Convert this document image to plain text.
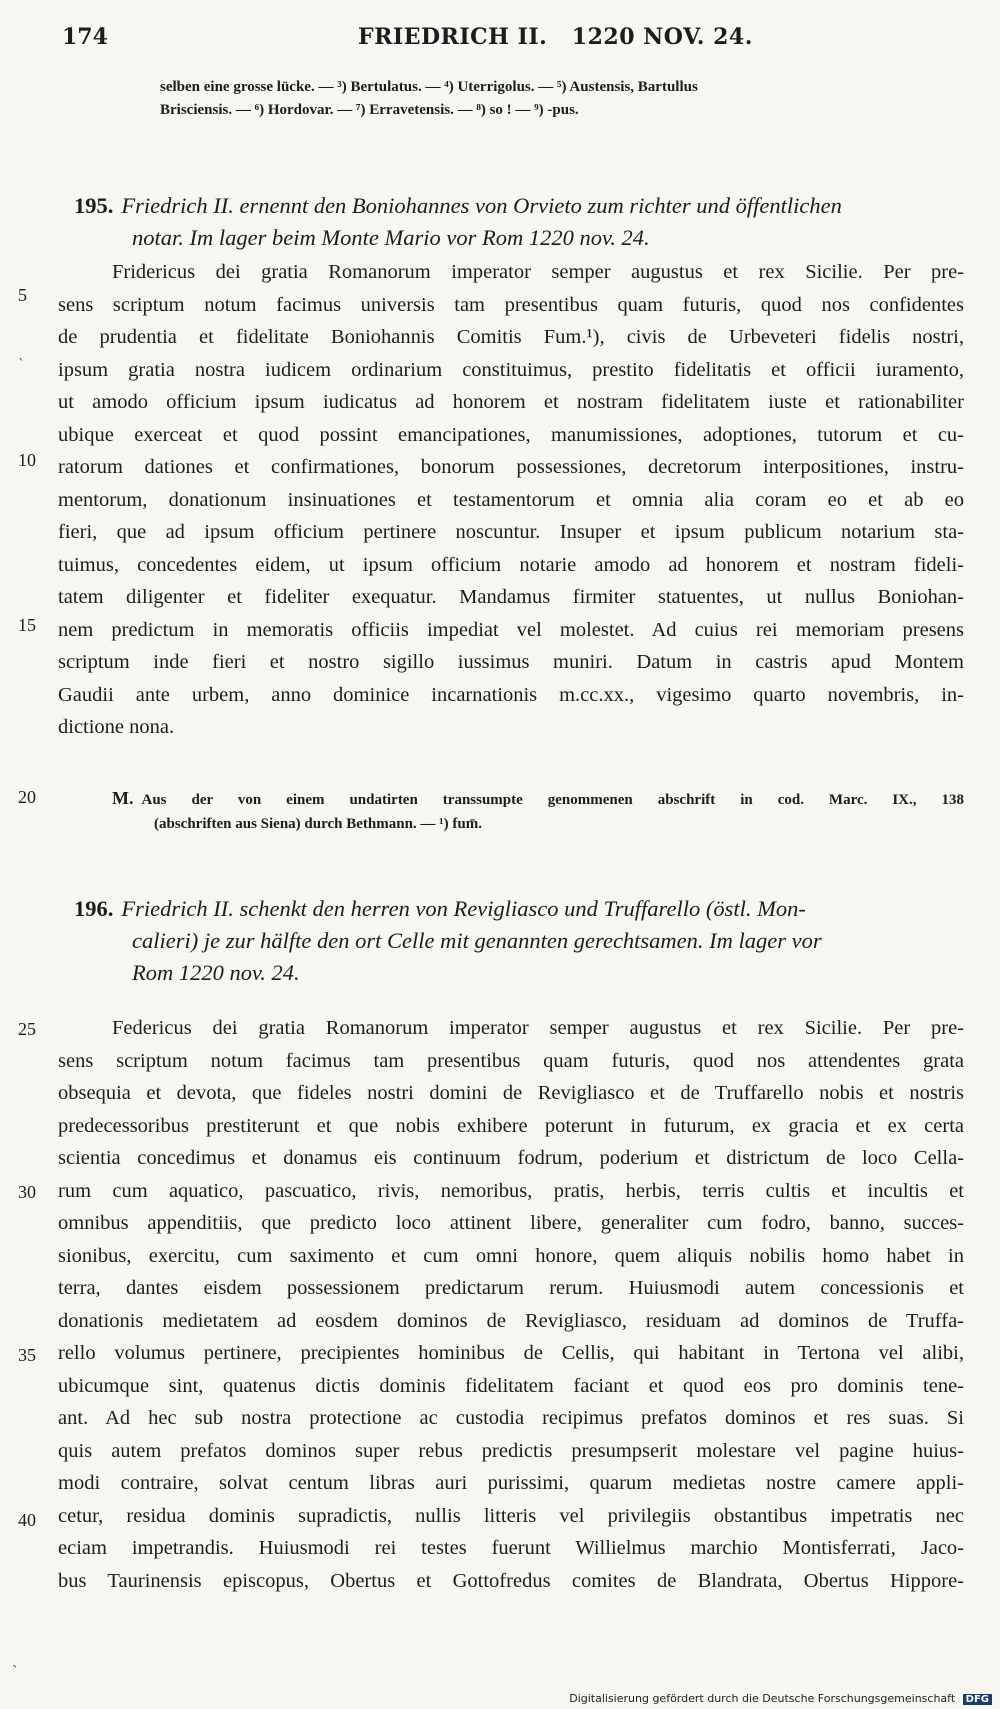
174	FRIEDRICH II.   1220 NOV. 24.
selben eine grosse lücke. — ³) Bertulatus. — ⁴) Uterrigolus. — ⁵) Austensis, Bartullus
Brisciensis. — ⁶) Hordovar. — ⁷) Erravetensis. — ⁸) so ! — ⁹) -pus.
195. Friedrich II. ernennt den Boniohannes von Orvieto zum richter und öffentlichen
notar. Im lager beim Monte Mario vor Rom 1220 nov. 24.
Fridericus dei gratia Romanorum imperator semper augustus et rex Sicilie. Per pre-
sens scriptum notum facimus universis tam presentibus quam futuris, quod nos confidentes
de prudentia et fidelitate Boniohannis Comitis Fum.¹), civis de Urbeveteri fidelis nostri,
ipsum gratia nostra iudicem ordinarium constituimus, prestito fidelitatis et officii iuramento,
ut amodo officium ipsum iudicatus ad honorem et nostram fidelitatem iuste et rationabiliter
ubique exerceat et quod possint emancipationes, manumissiones, adoptiones, tutorum et cu-
ratorum dationes et confirmationes, bonorum possessiones, decretorum interpositiones, instru-
mentorum, donationum insinuationes et testamentorum et omnia alia coram eo et ab eo
fieri, que ad ipsum officium pertinere noscuntur. Insuper et ipsum publicum notarium sta-
tuimus, concedentes eidem, ut ipsum officium notarie amodo ad honorem et nostram fideli-
tatem diligenter et fideliter exequatur. Mandamus firmiter statuentes, ut nullus Boniohan-
nem predictum in memoratis officiis impediat vel molestet. Ad cuius rei memoriam presens
scriptum inde fieri et nostro sigillo iussimus muniri. Datum in castris apud Montem
Gaudii ante urbem, anno dominice incarnationis m.cc.xx., vigesimo quarto novembris, in-
dictione nona.
M. Aus der von einem undatirten transsumpte genommenen abschrift in cod. Marc. IX., 138
(abschriften aus Siena) durch Bethmann. — ¹) fum̄.
196. Friedrich II. schenkt den herren von Revigliasco und Truffarello (östl. Mon-
calieri) je zur hälfte den ort Celle mit genannten gerechtsamen. Im lager vor
Rom 1220 nov. 24.
Federicus dei gratia Romanorum imperator semper augustus et rex Sicilie. Per pre-
sens scriptum notum facimus tam presentibus quam futuris, quod nos attendentes grata
obsequia et devota, que fideles nostri domini de Revigliasco et de Truffarello nobis et nostris
predecessoribus prestiterunt et que nobis exhibere poterunt in futurum, ex gracia et ex certa
scientia concedimus et donamus eis continuum fodrum, poderium et districtum de loco Cella-
rum cum aquatico, pascuatico, rivis, nemoribus, pratis, herbis, terris cultis et incultis et
omnibus appenditiis, que predicto loco attinent libere, generaliter cum fodro, banno, succes-
sionibus, exercitu, cum saximento et cum omni honore, quem aliquis nobilis homo habet in
terra, dantes eisdem possessionem predictarum rerum. Huiusmodi autem concessionis et
donationis medietatem ad eosdem dominos de Revigliasco, residuam ad dominos de Truffa-
rello volumus pertinere, precipientes hominibus de Cellis, qui habitant in Tertona vel alibi,
ubicumque sint, quatenus dictis dominis fidelitatem faciant et quod eos pro dominis tene-
ant. Ad hec sub nostra protectione ac custodia recipimus prefatos dominos et res suas. Si
quis autem prefatos dominos super rebus predictis presumpserit molestare vel pagine huius-
modi contraire, solvat centum libras auri purissimi, quarum medietas nostre camere appli-
cetur, residua dominis supradictis, nullis litteris vel privilegiis obstantibus impetratis nec
eciam impetrandis. Huiusmodi rei testes fuerunt Willielmus marchio Montisferrati, Jaco-
bus Taurinensis episcopus, Obertus et Gottofredus comites de Blandrata, Obertus Hippore-
5
10
15
20
25
30
35
40
`
`
Digitalisierung gefördert durch die Deutsche Forschungsgemeinschaft DFG
